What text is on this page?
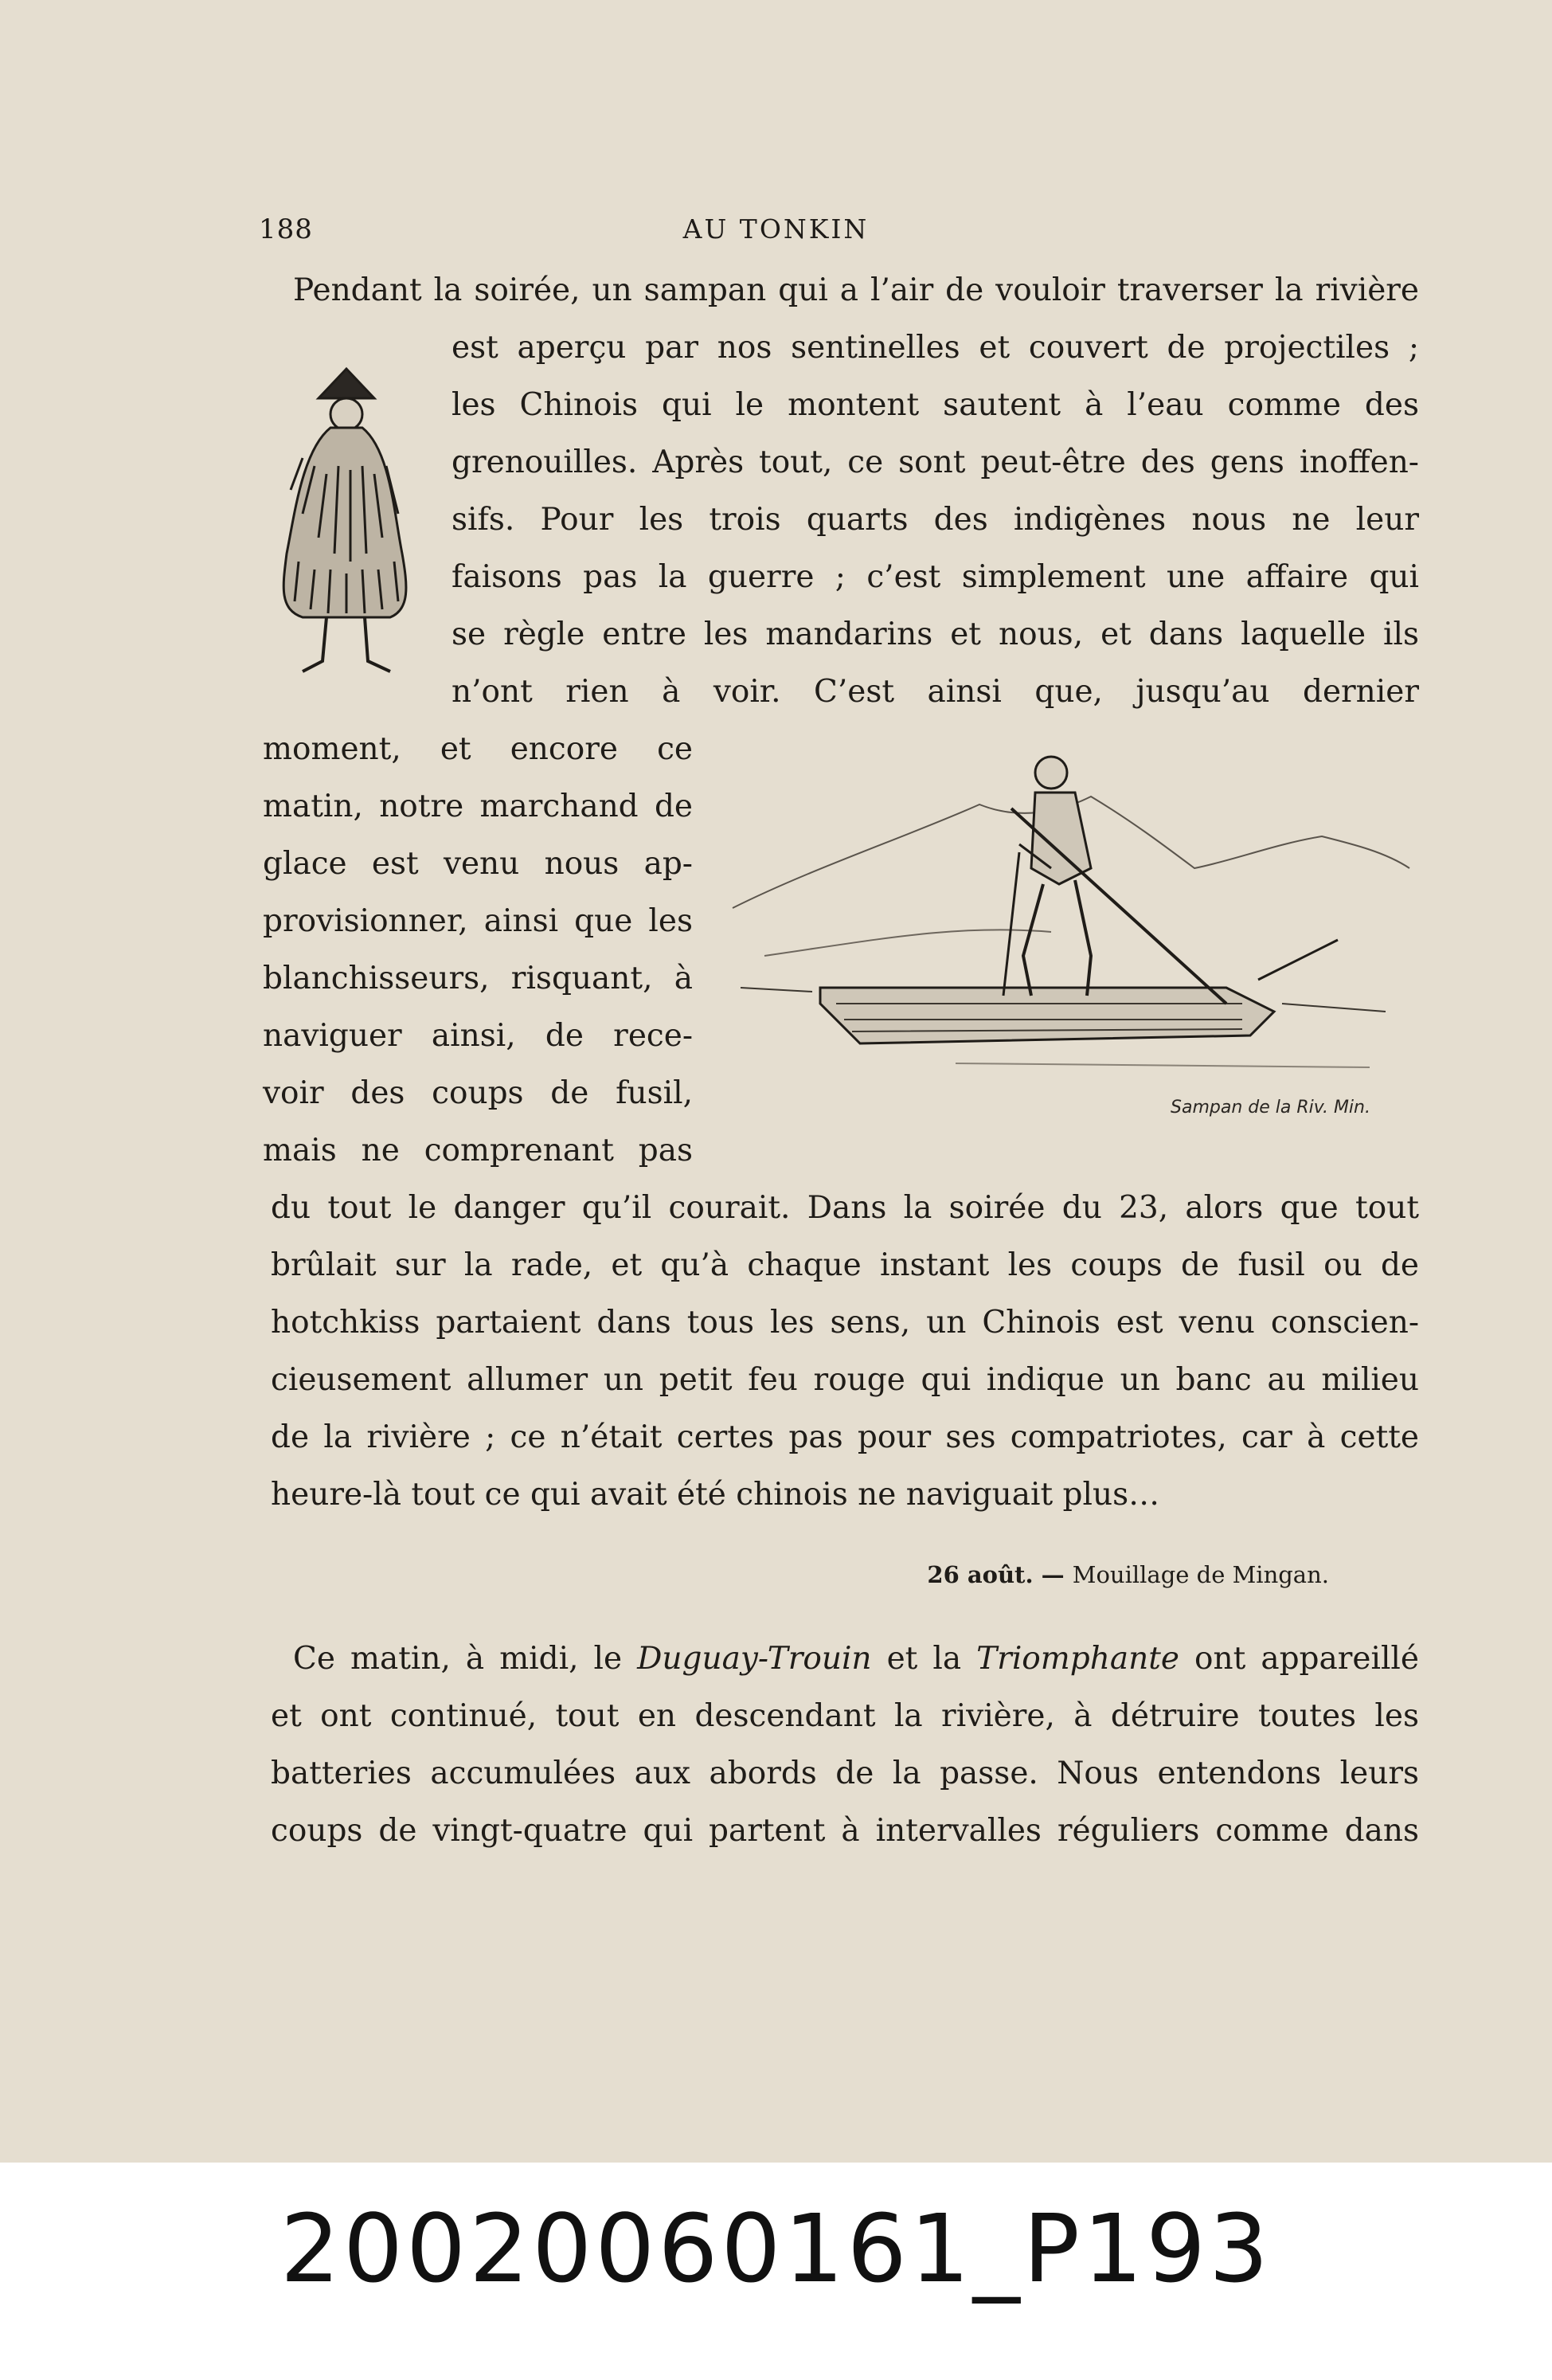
188	AU TONKIN
Sampan de la Riv. Min.
Pendant la soirée, un sampan qui a l’air de vouloir traverser la rivière
est aperçu par nos sentinelles et couvert de projectiles ;
les Chinois qui le montent sautent à l’eau comme des
grenouilles. Après tout, ce sont peut-être des gens inoffen-
sifs. Pour les trois quarts des indigènes nous ne leur
faisons pas la guerre ; c’est simplement une affaire qui
se règle entre les mandarins et nous, et dans laquelle ils
n’ont rien à voir. C’est ainsi que, jusqu’au dernier
moment, et encore ce
matin, notre marchand de
glace est venu nous ap-
provisionner, ainsi que les
blanchisseurs, risquant, à
naviguer ainsi, de rece-
voir des coups de fusil,
mais ne comprenant pas
du tout le danger qu’il courait. Dans la soirée du 23, alors que tout
brûlait sur la rade, et qu’à chaque instant les coups de fusil ou de
hotchkiss partaient dans tous les sens, un Chinois est venu conscien-
cieusement allumer un petit feu rouge qui indique un banc au milieu
de la rivière ; ce n’était certes pas pour ses compatriotes, car à cette
heure-là tout ce qui avait été chinois ne naviguait plus…
26 août. — Mouillage de Mingan.
Ce matin, à midi, le Duguay-Trouin et la Triomphante ont appareillé
et ont continué, tout en descendant la rivière, à détruire toutes les
batteries accumulées aux abords de la passe. Nous entendons leurs
coups de vingt-quatre qui partent à intervalles réguliers comme dans
20020060161_P193
